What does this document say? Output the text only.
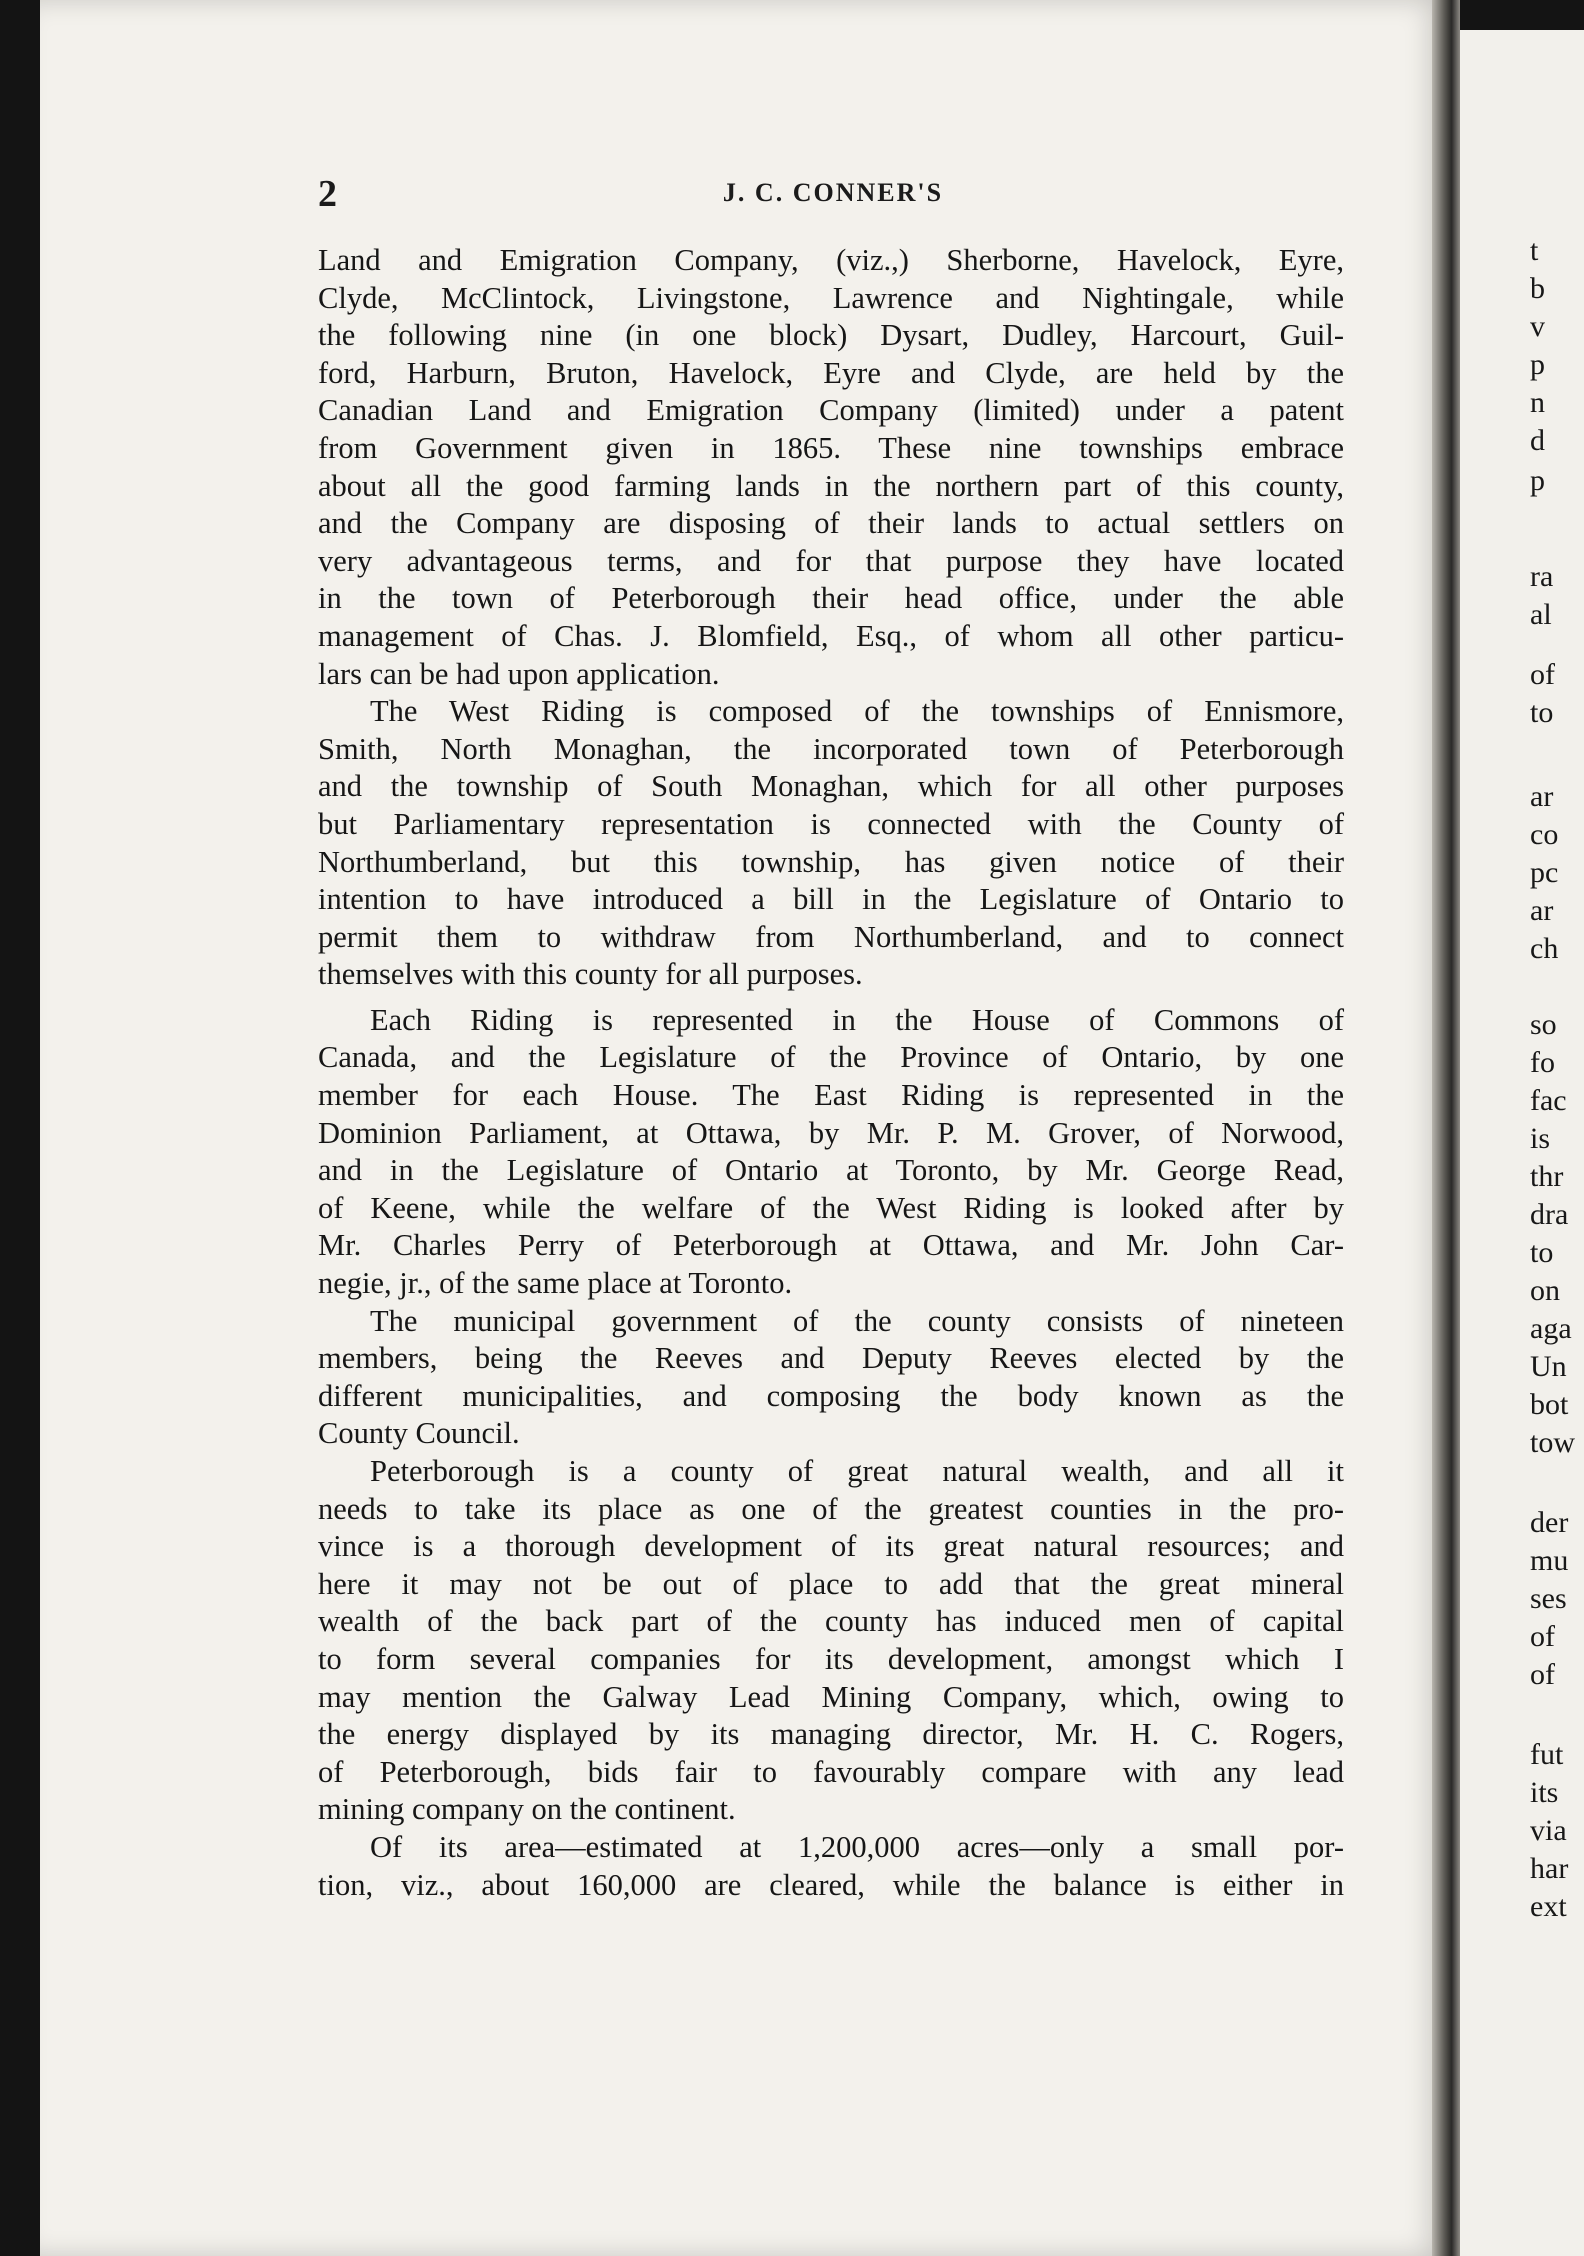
t
b
v
p
n
d
p
ra
al
of
to
ar
co
pc
ar
ch
so
fo
fac
is
thr
dra
to
on
aga
Un
bot
tow
der
mu
ses
of
of
fut
its
via
har
ext
2	J. C. CONNER'S

Land and Emigration Company, (viz.,) Sherborne, Havelock, Eyre,
Clyde, McClintock, Livingstone, Lawrence and Nightingale, while
the following nine (in one block) Dysart, Dudley, Harcourt, Guil-
ford, Harburn, Bruton, Havelock, Eyre and Clyde, are held by the
Canadian Land and Emigration Company (limited) under a patent
from Government given in 1865. These nine townships embrace
about all the good farming lands in the northern part of this county,
and the Company are disposing of their lands to actual settlers on
very advantageous terms, and for that purpose they have located
in the town of Peterborough their head office, under the able
management of Chas. J. Blomfield, Esq., of whom all other particu-
lars can be had upon application.

The West Riding is composed of the townships of Ennismore,
Smith, North Monaghan, the incorporated town of Peterborough
and the township of South Monaghan, which for all other purposes
but Parliamentary representation is connected with the County of
Northumberland, but this township, has given notice of their
intention to have introduced a bill in the Legislature of Ontario to
permit them to withdraw from Northumberland, and to connect
themselves with this county for all purposes.

Each Riding is represented in the House of Commons of
Canada, and the Legislature of the Province of Ontario, by one
member for each House. The East Riding is represented in the
Dominion Parliament, at Ottawa, by Mr. P. M. Grover, of Norwood,
and in the Legislature of Ontario at Toronto, by Mr. George Read,
of Keene, while the welfare of the West Riding is looked after by
Mr. Charles Perry of Peterborough at Ottawa, and Mr. John Car-
negie, jr., of the same place at Toronto.

The municipal government of the county consists of nineteen
members, being the Reeves and Deputy Reeves elected by the
different municipalities, and composing the body known as the
County Council.

Peterborough is a county of great natural wealth, and all it
needs to take its place as one of the greatest counties in the pro-
vince is a thorough development of its great natural resources; and
here it may not be out of place to add that the great mineral
wealth of the back part of the county has induced men of capital
to form several companies for its development, amongst which I
may mention the Galway Lead Mining Company, which, owing to
the energy displayed by its managing director, Mr. H. C. Rogers,
of Peterborough, bids fair to favourably compare with any lead
mining company on the continent.

Of its area—estimated at 1,200,000 acres—only a small por-
tion, viz., about 160,000 are cleared, while the balance is either in
